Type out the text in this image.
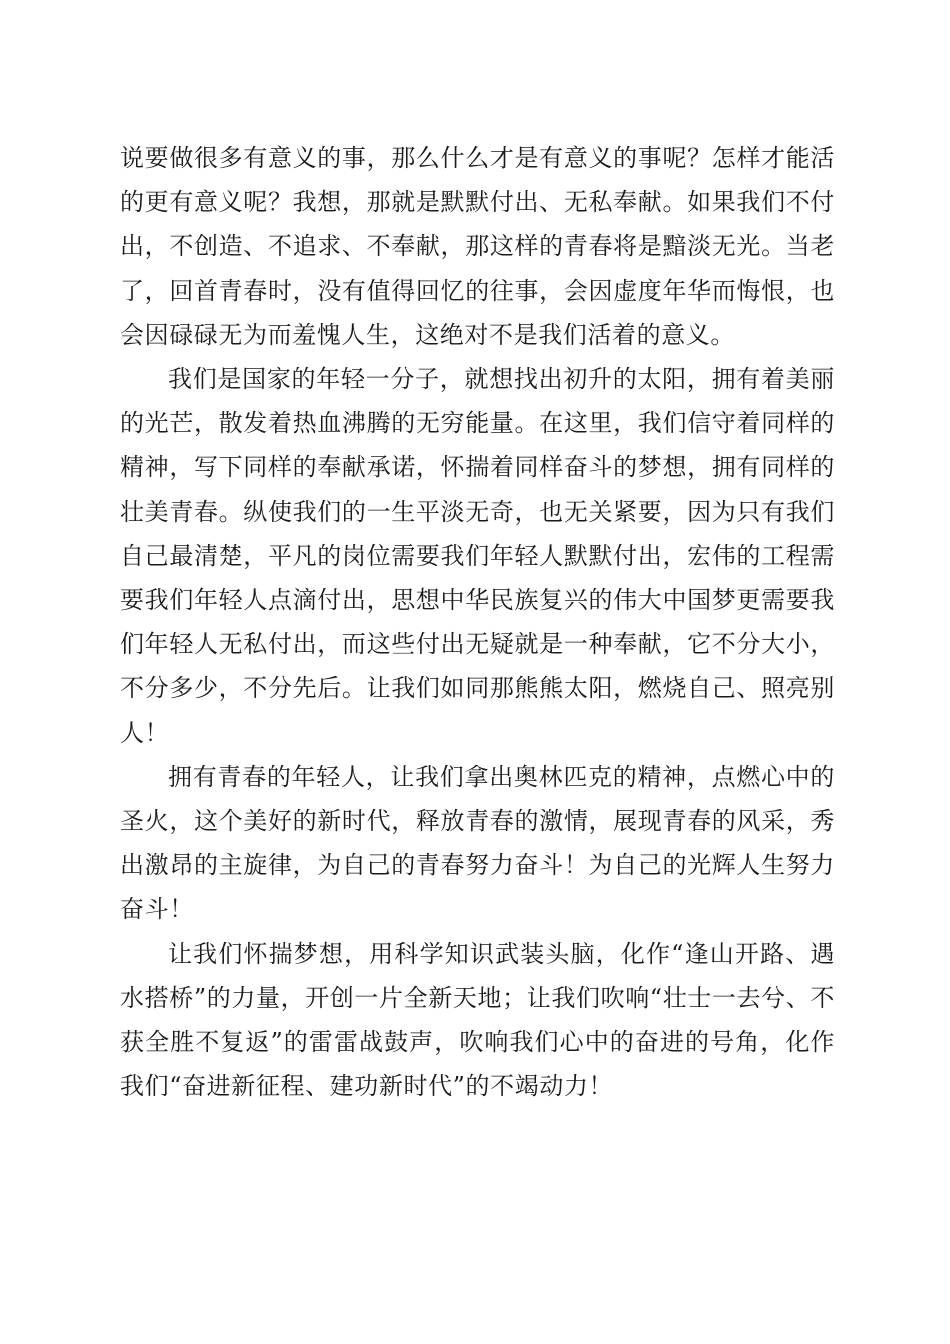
说要做很多有意义的事，那么什么才是有意义的事呢？怎样才能活的更有意义呢？我想，那就是默默付出、无私奉献。如果我们不付出，不创造、不追求、不奉献，那这样的青春将是黯淡无光。当老了，回首青春时，没有值得回忆的往事，会因虚度年华而悔恨，也会因碌碌无为而羞愧人生，这绝对不是我们活着的意义。

我们是国家的年轻一分子，就想找出初升的太阳，拥有着美丽的光芒，散发着热血沸腾的无穷能量。在这里，我们信守着同样的精神，写下同样的奉献承诺，怀揣着同样奋斗的梦想，拥有同样的壮美青春。纵使我们的一生平淡无奇，也无关紧要，因为只有我们自己最清楚，平凡的岗位需要我们年轻人默默付出，宏伟的工程需要我们年轻人点滴付出，思想中华民族复兴的伟大中国梦更需要我们年轻人无私付出，而这些付出无疑就是一种奉献，它不分大小，不分多少，不分先后。让我们如同那熊熊太阳，燃烧自己、照亮别人！

拥有青春的年轻人，让我们拿出奥林匹克的精神，点燃心中的圣火，这个美好的新时代，释放青春的激情，展现青春的风采，秀出激昂的主旋律，为自己的青春努力奋斗！为自己的光辉人生努力奋斗！

让我们怀揣梦想，用科学知识武装头脑，化作“逢山开路、遇水搭桥”的力量，开创一片全新天地；让我们吹响“壮士一去兮、不获全胜不复返”的雷雷战鼓声，吹响我们心中的奋进的号角，化作我们“奋进新征程、建功新时代”的不竭动力！
